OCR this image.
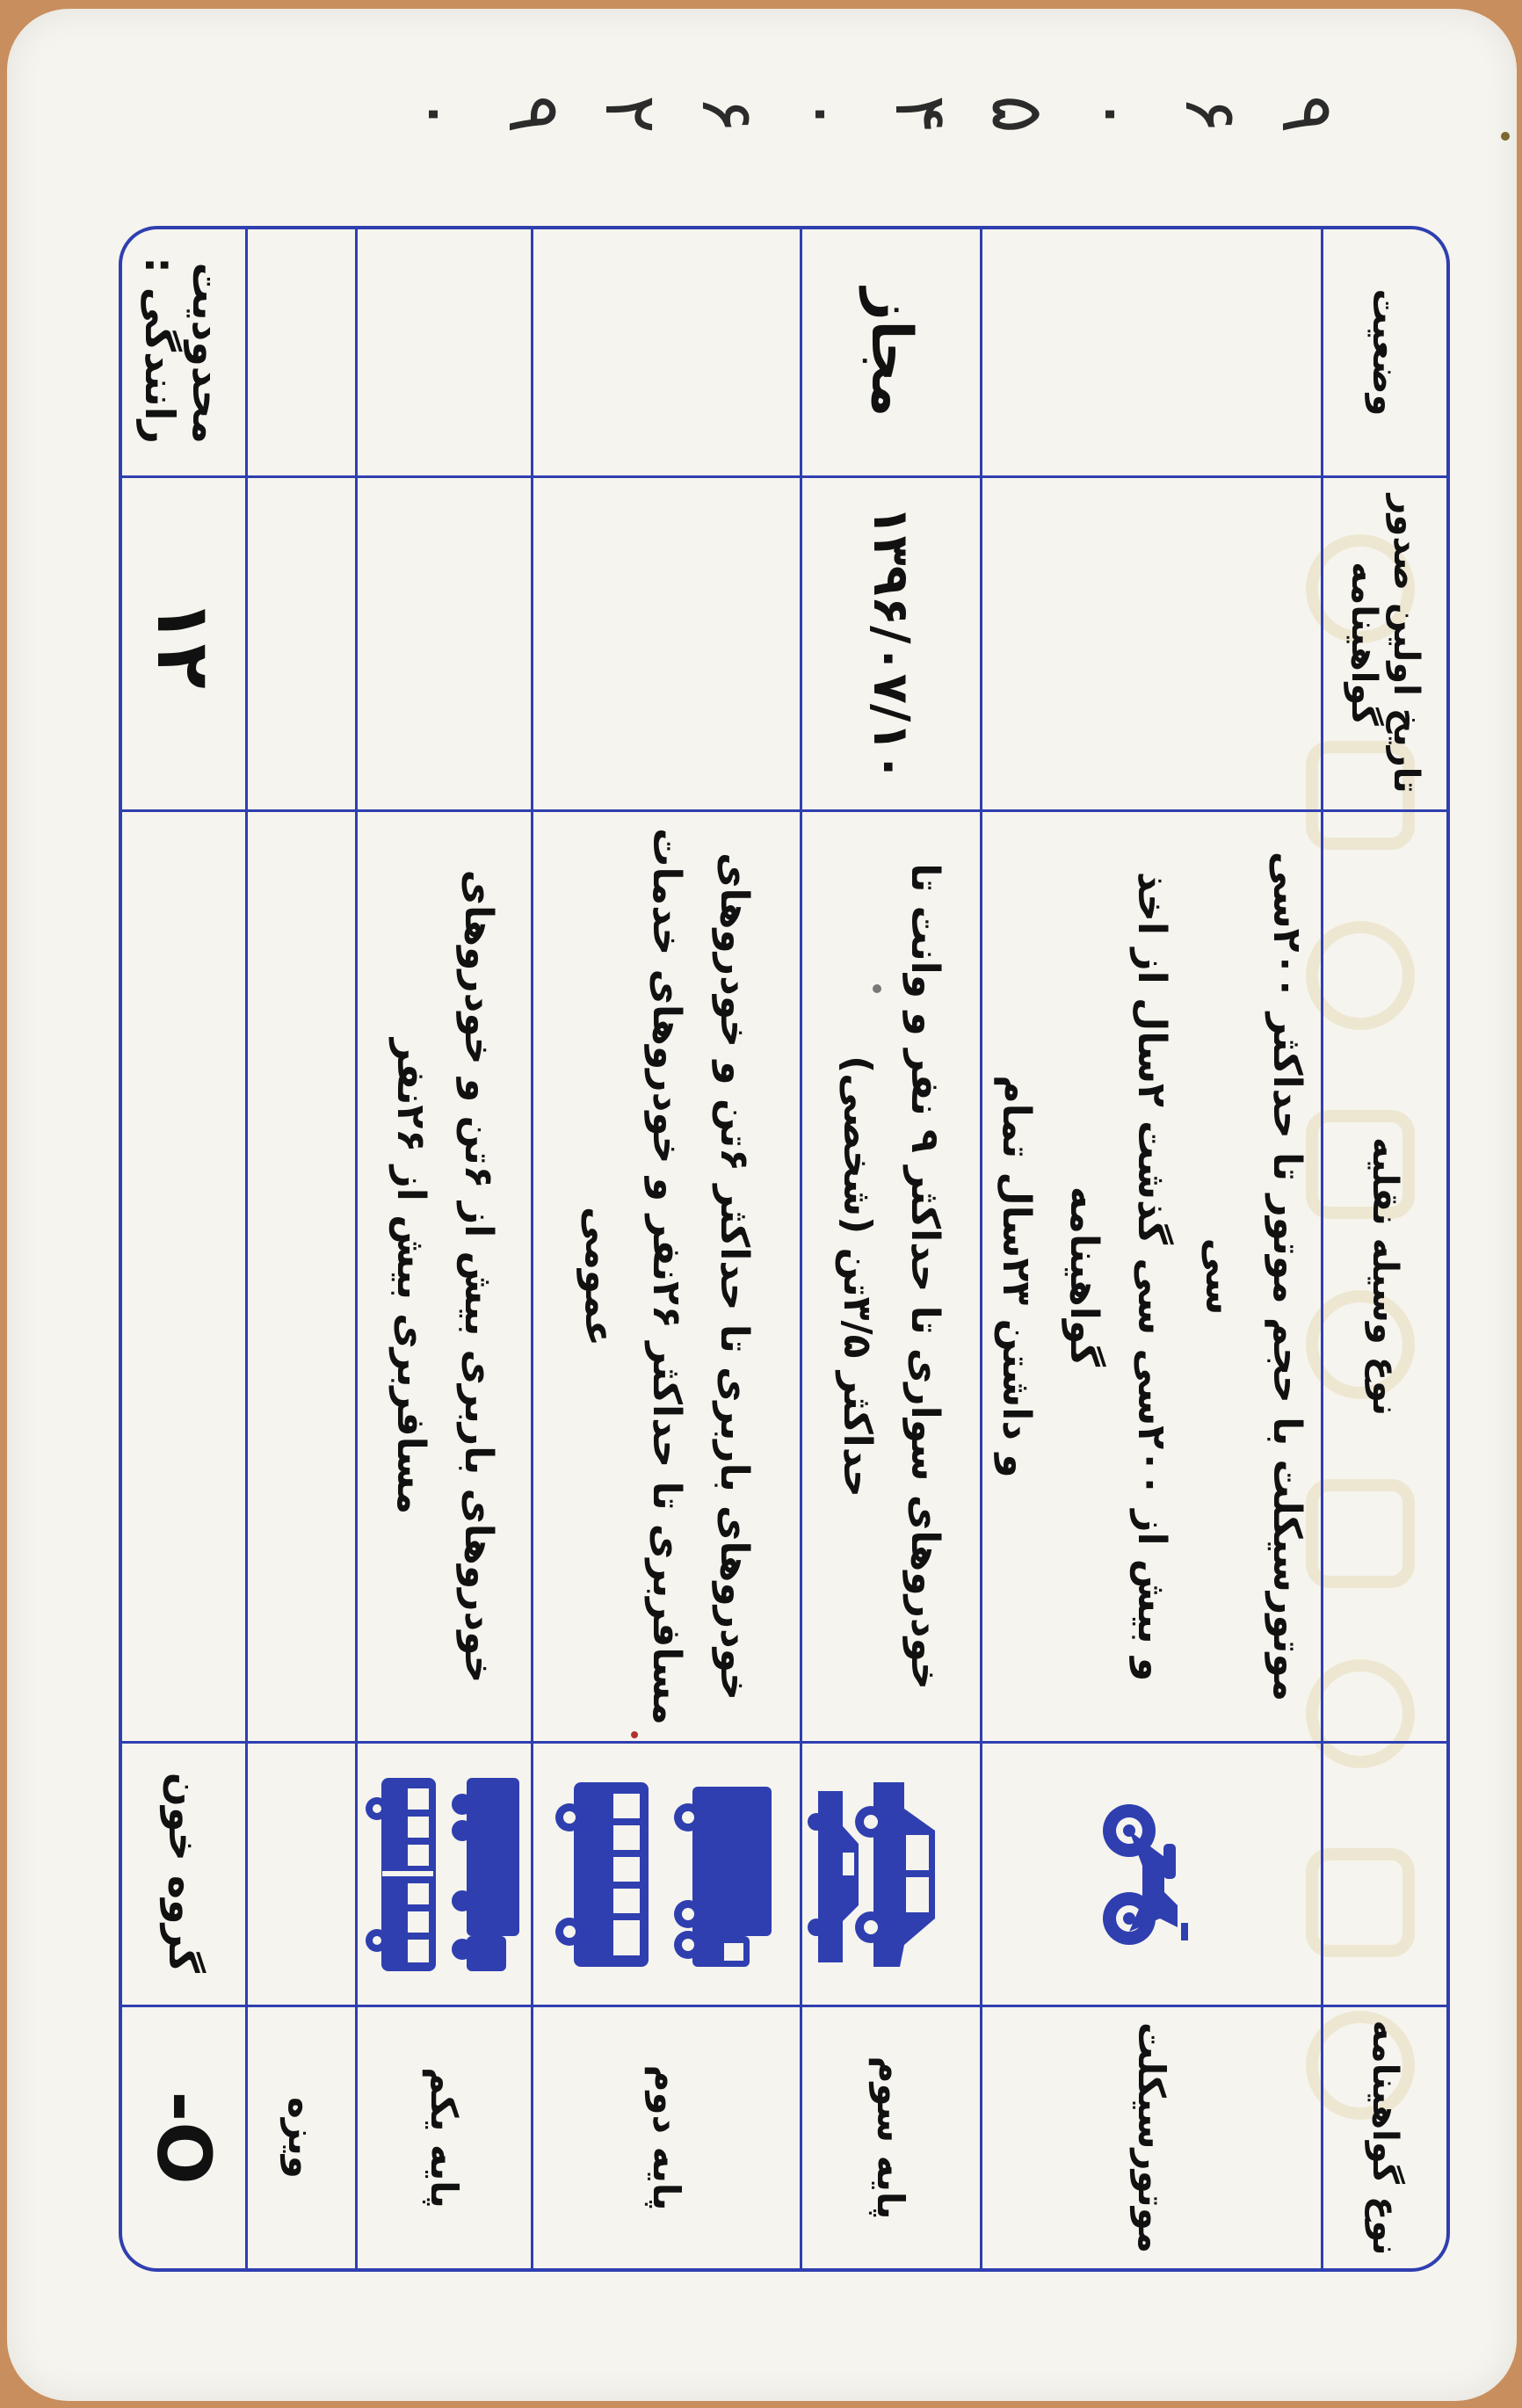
۹
۶
۰
۵
۴
۰
۶
۲
۹
۰
نوع گواهینامه		نوع وسیله نقلیه	تاریخ اولین صدور گواهینامه	وضعیت
موتورسیکلت		موتورسیکلت با حجم موتور تا حداکثر ۲۰۰سی سی
و بیش از ۲۰۰سی سی گذشت ۲سال از اخذ گواهینامه
و داشتن ۲۳سال تمام		

پایه سوم		خودروهای سواری تا حداکثر ۹ نفر و وانت تا
حداکثر ۳/۵تن (شخصی)	۱۳۹۶/۰۷/۱۰	مجاز
پایه دوم		خودروهای باربری تا حداکثر ۶تن و خودروهای
مسافربری تا حداکثر ۲۶نفر و خودروهای خدمات
عمومی		

پایه یکم		خودروهای باربری بیش از ۶تن و خودروهای
مسافربری بیش از ۲۶نفر		

ویزه				
O-	گروه خون		۱۲	محدودیت رانندگی :
